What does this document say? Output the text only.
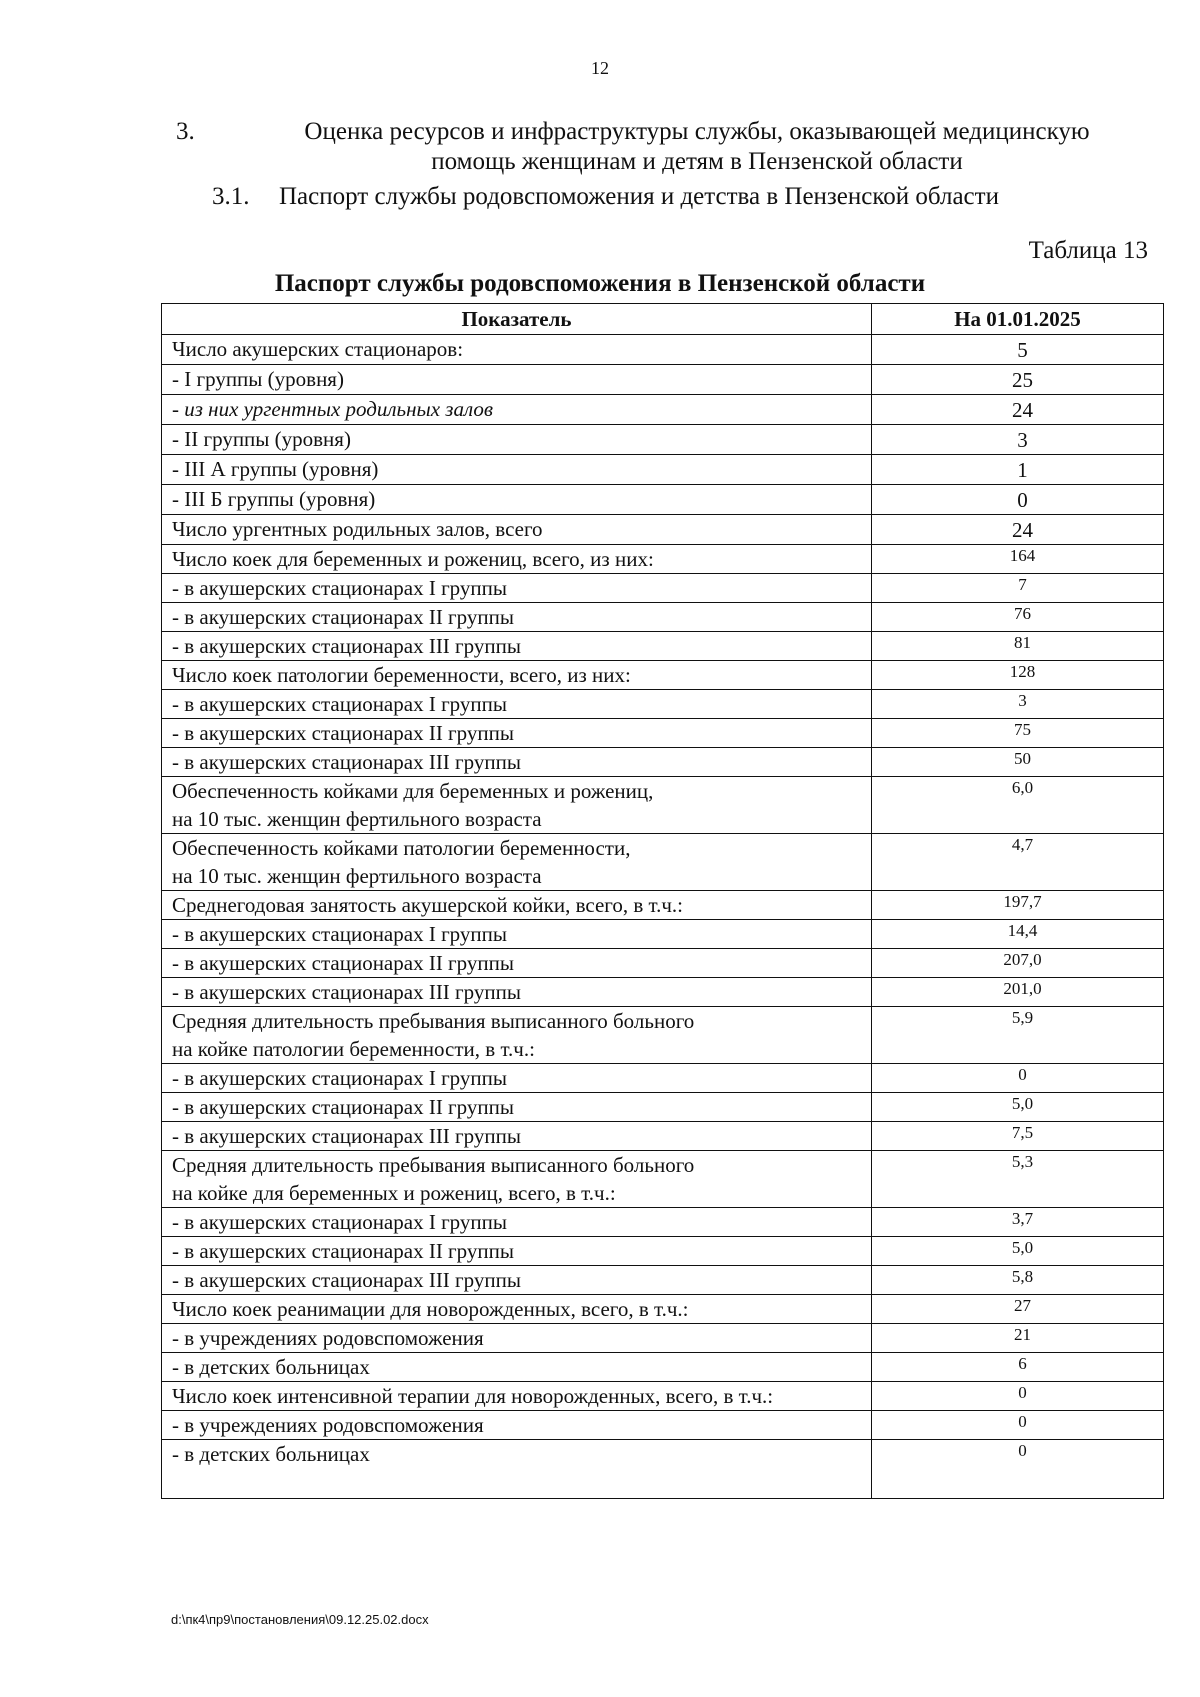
12
3.	Оценка ресурсов и инфраструктуры службы, оказывающей медицинскую
помощь женщинам и детям в Пензенской области
3.1.	Паспорт службы родовспоможения и детства в Пензенской области
Таблица 13
Паспорт службы родовспоможения в Пензенской области
Показатель	На 01.01.2025
Число акушерских стационаров:	5
- I группы (уровня)	25
- из них ургентных родильных залов	24
- II группы (уровня)	3
- III А группы (уровня)	1
- III Б группы (уровня)	0
Число ургентных родильных залов, всего	24
Число коек для беременных и рожениц, всего, из них:	164
- в акушерских стационарах I группы	7
- в акушерских стационарах II группы	76
- в акушерских стационарах III группы	81
Число коек патологии беременности, всего, из них:	128
- в акушерских стационарах I группы	3
- в акушерских стационарах II группы	75
- в акушерских стационарах III группы	50
Обеспеченность койками для беременных и рожениц,
на 10 тыс. женщин фертильного возраста	6,0
Обеспеченность койками патологии беременности,
на 10 тыс. женщин фертильного возраста	4,7
Среднегодовая занятость акушерской койки, всего, в т.ч.:	197,7
- в акушерских стационарах I группы	14,4
- в акушерских стационарах II группы	207,0
- в акушерских стационарах III группы	201,0
Средняя длительность пребывания выписанного больного
на койке патологии беременности, в т.ч.:	5,9
- в акушерских стационарах I группы	0
- в акушерских стационарах II группы	5,0
- в акушерских стационарах III группы	7,5
Средняя длительность пребывания выписанного больного
на койке для беременных и рожениц, всего, в т.ч.:	5,3
- в акушерских стационарах I группы	3,7
- в акушерских стационарах II группы	5,0
- в акушерских стационарах III группы	5,8
Число коек реанимации для новорожденных, всего, в т.ч.:	27
- в учреждениях родовспоможения	21
- в детских больницах	6
Число коек интенсивной терапии для новорожденных, всего, в т.ч.:	0
- в учреждениях родовспоможения	0
- в детских больницах	0
d:\пк4\пр9\постановления\09.12.25.02.docx
